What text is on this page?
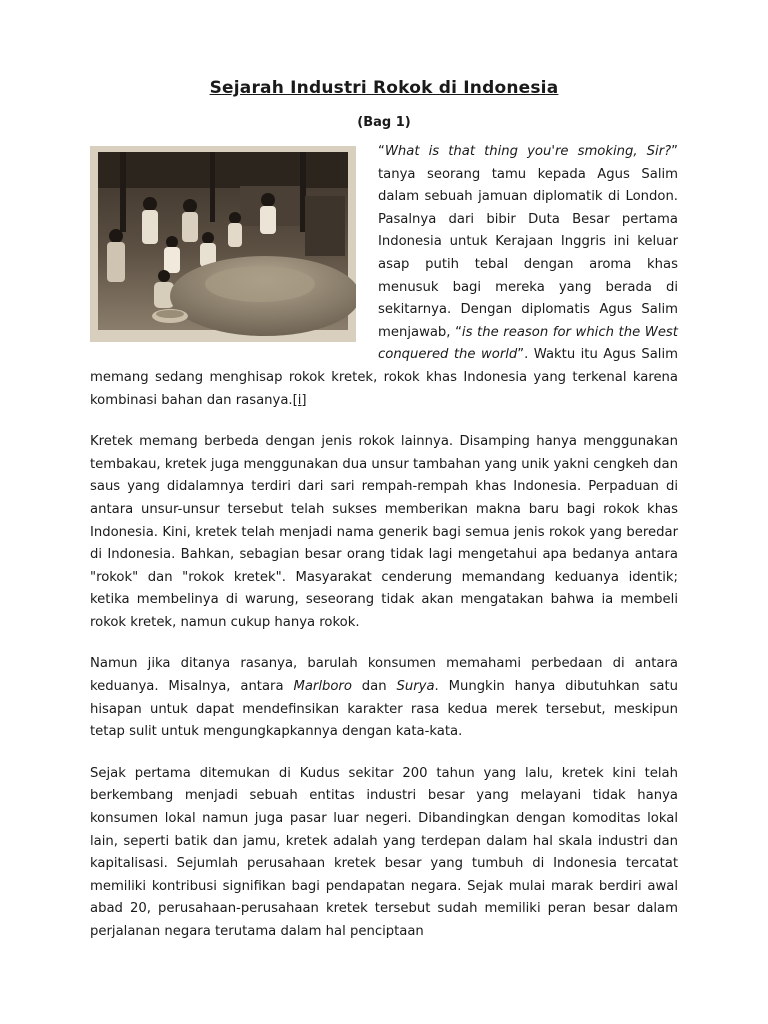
Sejarah Industri Rokok di Indonesia
(Bag 1)

“What is that thing you're smoking, Sir?” tanya seorang tamu kepada Agus Salim dalam sebuah jamuan diplomatik di London. Pasalnya dari bibir Duta Besar pertama Indonesia untuk Kerajaan Inggris ini keluar asap putih tebal dengan aroma khas menusuk bagi mereka yang berada di sekitarnya. Dengan diplomatis Agus Salim menjawab, “is the reason for which the West conquered the world”. Waktu itu Agus Salim memang sedang menghisap rokok kretek, rokok khas Indonesia yang terkenal karena kombinasi bahan dan rasanya.[i]

Kretek memang berbeda dengan jenis rokok lainnya. Disamping hanya menggunakan tembakau, kretek juga menggunakan dua unsur tambahan yang unik yakni cengkeh dan saus yang didalamnya terdiri dari sari rempah-rempah khas Indonesia. Perpaduan di antara unsur-unsur tersebut telah sukses memberikan makna baru bagi rokok khas Indonesia. Kini, kretek telah menjadi nama generik bagi semua jenis rokok yang beredar di Indonesia. Bahkan, sebagian besar orang tidak lagi mengetahui apa bedanya antara "rokok" dan "rokok kretek". Masyarakat cenderung memandang keduanya identik; ketika membelinya di warung, seseorang tidak akan mengatakan bahwa ia membeli rokok kretek, namun cukup hanya rokok.

Namun jika ditanya rasanya, barulah konsumen memahami perbedaan di antara keduanya. Misalnya, antara Marlboro dan Surya. Mungkin hanya dibutuhkan satu hisapan untuk dapat mendefinsikan karakter rasa kedua merek tersebut, meskipun tetap sulit untuk mengungkapkannya dengan kata-kata.

Sejak pertama ditemukan di Kudus sekitar 200 tahun yang lalu, kretek kini telah berkembang menjadi sebuah entitas industri besar yang melayani tidak hanya konsumen lokal namun juga pasar luar negeri. Dibandingkan dengan komoditas lokal lain, seperti batik dan jamu, kretek adalah yang terdepan dalam hal skala industri dan kapitalisasi. Sejumlah perusahaan kretek besar yang tumbuh di Indonesia tercatat memiliki kontribusi signifikan bagi pendapatan negara. Sejak mulai marak berdiri awal abad 20, perusahaan-perusahaan kretek tersebut sudah memiliki peran besar dalam perjalanan negara terutama dalam hal penciptaan
